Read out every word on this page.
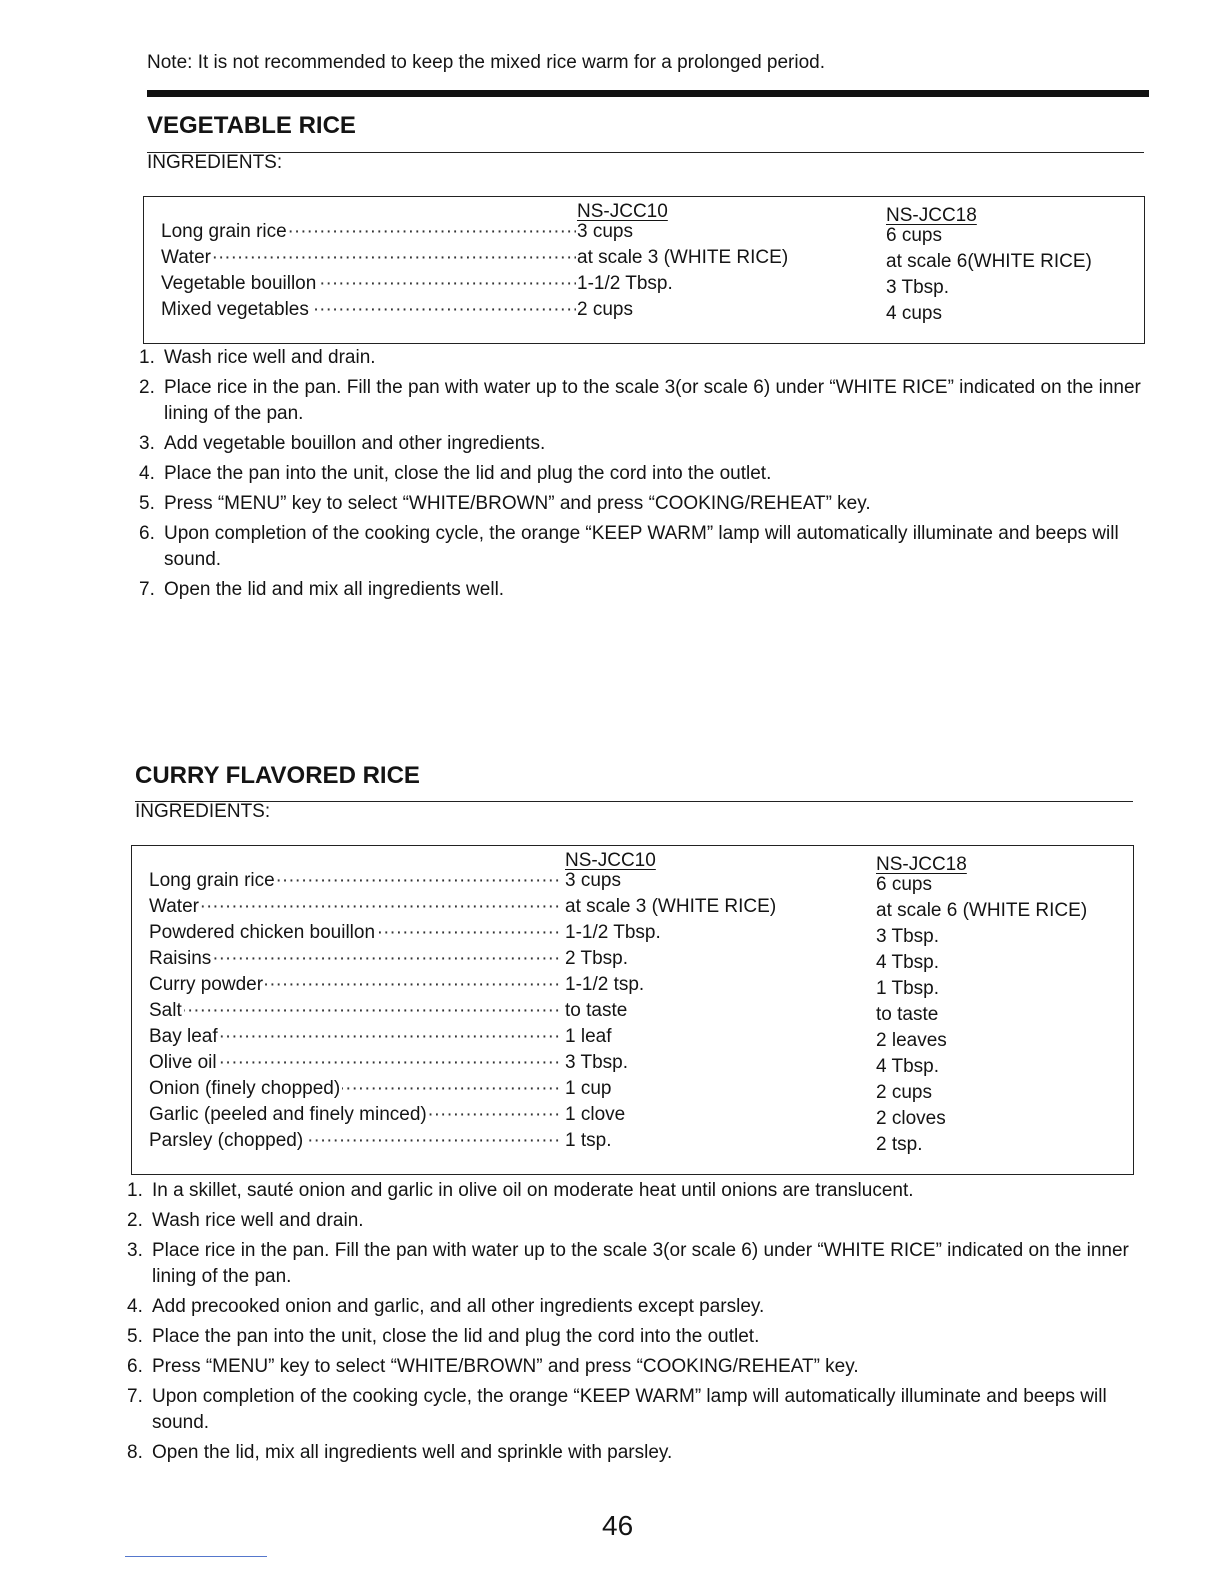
Note: It is not recommended to keep the mixed rice warm for a prolonged period.
VEGETABLE RICE
INGREDIENTS:
NS-JCC10	NS-JCC18
Long grain rice ·····	3 cups	6 cups
Water ·····	at scale 3 (WHITE RICE)	at scale 6(WHITE RICE)
Vegetable bouillon ·····	1-1/2 Tbsp.	3 Tbsp.
Mixed vegetables ·····	2 cups	4 cups
1. Wash rice well and drain.
2. Place rice in the pan. Fill the pan with water up to the scale 3(or scale 6) under “WHITE RICE” indicated on the inner lining of the pan.
3. Add vegetable bouillon and other ingredients.
4. Place the pan into the unit, close the lid and plug the cord into the outlet.
5. Press “MENU” key to select “WHITE/BROWN” and press “COOKING/REHEAT” key.
6. Upon completion of the cooking cycle, the orange “KEEP WARM” lamp will automatically illuminate and beeps will sound.
7. Open the lid and mix all ingredients well.
CURRY FLAVORED RICE
INGREDIENTS:
NS-JCC10	NS-JCC18
Long grain rice ·····	3 cups	6 cups
Water ·····	at scale 3 (WHITE RICE)	at scale 6 (WHITE RICE)
Powdered chicken bouillon ·····	1-1/2 Tbsp.	3 Tbsp.
Raisins ·····	2 Tbsp.	4 Tbsp.
Curry powder ·····	1-1/2 tsp.	1 Tbsp.
Salt ·····	to taste	to taste
Bay leaf ·····	1 leaf	2 leaves
Olive oil ·····	3 Tbsp.	4 Tbsp.
Onion (finely chopped) ·····	1 cup	2 cups
Garlic (peeled and finely minced) ·····	1 clove	2 cloves
Parsley (chopped) ·····	1 tsp.	2 tsp.
1. In a skillet, sauté onion and garlic in olive oil on moderate heat until onions are translucent.
2. Wash rice well and drain.
3. Place rice in the pan. Fill the pan with water up to the scale 3(or scale 6) under “WHITE RICE” indicated on the inner lining of the pan.
4. Add precooked onion and garlic, and all other ingredients except parsley.
5. Place the pan into the unit, close the lid and plug the cord into the outlet.
6. Press “MENU” key to select “WHITE/BROWN” and press “COOKING/REHEAT” key.
7. Upon completion of the cooking cycle, the orange “KEEP WARM” lamp will automatically illuminate and beeps will sound.
8. Open the lid, mix all ingredients well and sprinkle with parsley.
46
